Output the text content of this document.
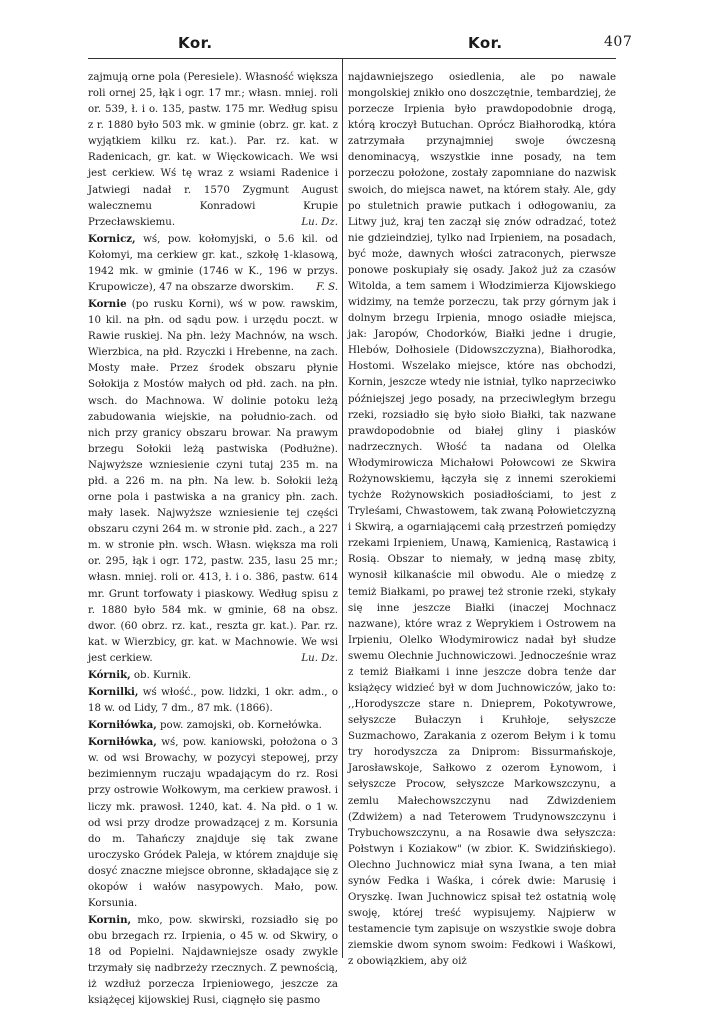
Kor.	Kor.	407

zajmują orne pola (Peresiele). Własność większa roli ornej 25, łąk i ogr. 17 mr.; własn. mniej. roli or. 539, ł. i o. 135, pastw. 175 mr. Według spisu z r. 1880 było 503 mk. w gminie (obrz. gr. kat. z wyjątkiem kilku rz. kat.). Par. rz. kat. w Radenicach, gr. kat. w Więckowicach. We wsi jest cerkiew. Wś tę wraz z wsiami Radenice i Jatwiegi nadał r. 1570 Zygmunt August walecznemu Konradowi Krupie Przecławskiemu.	Lu. Dz.

Kornicz, wś, pow. kołomyjski, o 5.6 kil. od Kołomyi, ma cerkiew gr. kat., szkołę 1-klasową, 1942 mk. w gminie (1746 w K., 196 w przys. Krupowicze), 47 na obszarze dworskim.	F. S.

Kornie (po rusku Korni), wś w pow. rawskim, 10 kil. na płn. od sądu pow. i urzędu poczt. w Rawie ruskiej. Na płn. leży Machnów, na wsch. Wierzbica, na płd. Rzyczki i Hrebenne, na zach. Mosty małe. Przez środek obszaru płynie Sołokija z Mostów małych od płd. zach. na płn. wsch. do Machnowa. W dolinie potoku leżą zabudowania wiejskie, na południo-zach. od nich przy granicy obszaru browar. Na prawym brzegu Sołokii leżą pastwiska (Podłużne). Najwyższe wzniesienie czyni tutaj 235 m. na płd. a 226 m. na płn. Na lew. b. Sołokii leżą orne pola i pastwiska a na granicy płn. zach. mały lasek. Najwyższe wzniesienie tej części obszaru czyni 264 m. w stronie płd. zach., a 227 m. w stronie płn. wsch. Własn. większa ma roli or. 295, łąk i ogr. 172, pastw. 235, lasu 25 mr.; własn. mniej. roli or. 413, ł. i o. 386, pastw. 614 mr. Grunt torfowaty i piaskowy. Według spisu z r. 1880 było 584 mk. w gminie, 68 na obsz. dwor. (60 obrz. rz. kat., reszta gr. kat.). Par. rz. kat. w Wierzbicy, gr. kat. w Machnowie. We wsi jest cerkiew.	Lu. Dz.

Kórnik, ob. Kurnik.

Kornilki, wś włość., pow. lidzki, 1 okr. adm., o 18 w. od Lidy, 7 dm., 87 mk. (1866).

Korniłówka, pow. zamojski, ob. Kornełówka.

Korniłówka, wś, pow. kaniowski, położona o 3 w. od wsi Browachy, w pozycyi stepowej, przy bezimiennym ruczaju wpadającym do rz. Rosi przy ostrowie Wołkowym, ma cerkiew prawosł. i liczy mk. prawosł. 1240, kat. 4. Na płd. o 1 w. od wsi przy drodze prowadzącej z m. Korsunia do m. Tahańczy znajduje się tak zwane uroczysko Gródek Paleja, w którem znajduje się dosyć znaczne miejsce obronne, składające się z okopów i wałów nasypowych. Mało, pow. Korsunia.

Kornin, mko, pow. skwirski, rozsiadło się po obu brzegach rz. Irpienia, o 45 w. od Skwiry, o 18 od Popielni. Najdawniejsze osady zwykle trzymały się nadbrzeży rzecznych. Z pewnością, iż wzdłuż porzecza Irpieniowego, jeszcze za książęcej kijowskiej Rusi, ciągnęło się pasmo

najdawniejszego osiedlenia, ale po nawale mongolskiej znikło ono doszczętnie, tembardziej, że porzecze Irpienia było prawdopodobnie drogą, którą kroczył Butuchan. Oprócz Białhorodką, która zatrzymała przynajmniej swoje ówczesną denominacyą, wszystkie inne posady, na tem porzeczu położone, zostały zapomniane do nazwisk swoich, do miejsca nawet, na którem stały. Ale, gdy po stuletnich prawie putkach i odłogowaniu, za Litwy już, kraj ten zaczął się znów odradzać, toteż nie gdzieindziej, tylko nad Irpieniem, na posadach, być może, dawnych włości zatraconych, pierwsze ponowe poskupiały się osady. Jakoż już za czasów Witolda, a tem samem i Włodzimierza Kijowskiego widzimy, na temże porzeczu, tak przy górnym jak i dolnym brzegu Irpienia, mnogo osiadłe miejsca, jak: Jaropów, Chodorków, Białki jedne i drugie, Hlebów, Dołhosiele (Didowszczyzna), Białhorodka, Hostomi. Wszelako miejsce, które nas obchodzi, Kornin, jeszcze wtedy nie istniał, tylko naprzeciwko późniejszej jego posady, na przeciwległym brzegu rzeki, rozsiadło się było sioło Białki, tak nazwane prawdopodobnie od białej gliny i piasków nadrzecznych. Włość ta nadana od Olelka Włodymirowicza Michałowi Połowcowi ze Skwira Rożynowskiemu, łączyła się z innemi szerokiemi tychże Rożynowskich posiadłościami, to jest z Tryleśami, Chwastowem, tak zwaną Połowietczyzną i Skwirą, a ogarniającemi całą przestrzeń pomiędzy rzekami Irpieniem, Unawą, Kamienicą, Rastawicą i Rosią. Obszar to niemały, w jedną masę zbity, wynosił kilkanaście mil obwodu. Ale o miedzę z temiż Białkami, po prawej też stronie rzeki, stykały się inne jeszcze Białki (inaczej Mochnacz nazwane), które wraz z Weprykiem i Ostrowem na Irpieniu, Olelko Włodymirowicz nadał był słudze swemu Olechnie Juchnowiczowi. Jednocześnie wraz z temiż Białkami i inne jeszcze dobra tenże dar książęcy widzieć był w dom Juchnowiczów, jako to: ,,Horodyszcze stare n. Dnieprem, Pokotywrowe, sełyszcze Bułaczyn i Kruhłoje, sełyszcze Suzmachowo, Zarakania z ozerom Bełym i k tomu try horodyszcza za Dniprom: Bissurmańskoje, Jarosławskoje, Sałkowo z ozerom Łynowom, i sełyszcze Procow, sełyszcze Markowszczynu, a zemlu Małechowszczynu nad Zdwizdeniem (Zdwiżem) a nad Teterowem Trudynowszczynu i Trybuchowszczynu, a na Rosawie dwa sełyszcza: Połstwyn i Koziakow" (w zbior. K. Swidzińskiego). Olechno Juchnowicz miał syna Iwana, a ten miał synów Fedka i Waśka, i córek dwie: Marusię i Oryszkę. Iwan Juchnowicz spisał też ostatnią wolę swoję, której treść wypisujemy. Najpierw w testamencie tym zapisuje on wszystkie swoje dobra ziemskie dwom synom swoim: Fedkowi i Waśkowi, z obowiązkiem, aby oiż
